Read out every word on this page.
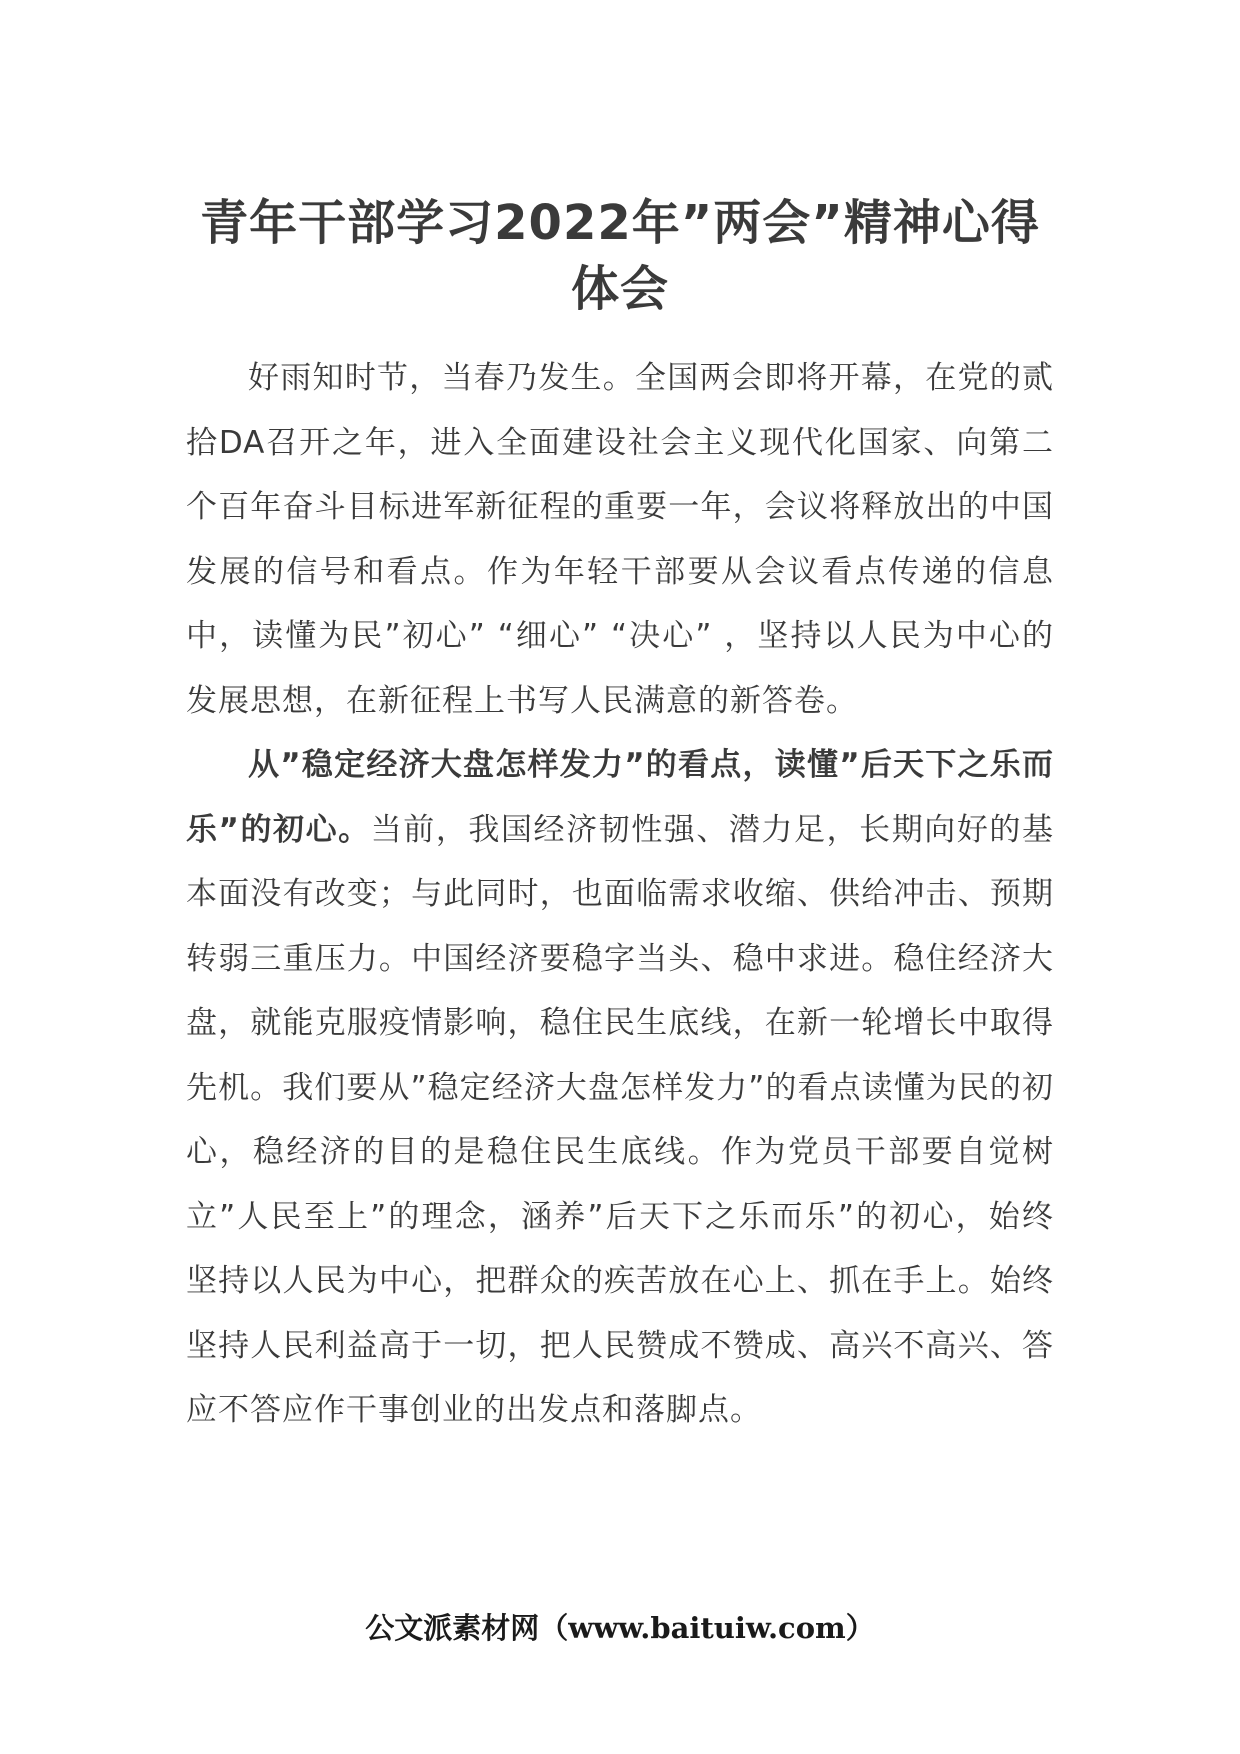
青年干部学习2022年”两会”精神心得体会

好雨知时节，当春乃发生。全国两会即将开幕，在党的贰拾DA召开之年，进入全面建设社会主义现代化国家、向第二个百年奋斗目标进军新征程的重要一年，会议将释放出的中国发展的信号和看点。作为年轻干部要从会议看点传递的信息中，读懂为民”初心” “细心” “决心” ，坚持以人民为中心的发展思想，在新征程上书写人民满意的新答卷。

从”稳定经济大盘怎样发力”的看点，读懂”后天下之乐而乐”的初心。当前，我国经济韧性强、潜力足，长期向好的基本面没有改变；与此同时，也面临需求收缩、供给冲击、预期转弱三重压力。中国经济要稳字当头、稳中求进。稳住经济大盘，就能克服疫情影响，稳住民生底线，在新一轮增长中取得先机。我们要从”稳定经济大盘怎样发力”的看点读懂为民的初心，稳经济的目的是稳住民生底线。作为党员干部要自觉树立”人民至上”的理念，涵养”后天下之乐而乐”的初心，始终坚持以人民为中心，把群众的疾苦放在心上、抓在手上。始终坚持人民利益高于一切，把人民赞成不赞成、高兴不高兴、答应不答应作干事创业的出发点和落脚点。

公文派素材网（www.baituiw.com）
